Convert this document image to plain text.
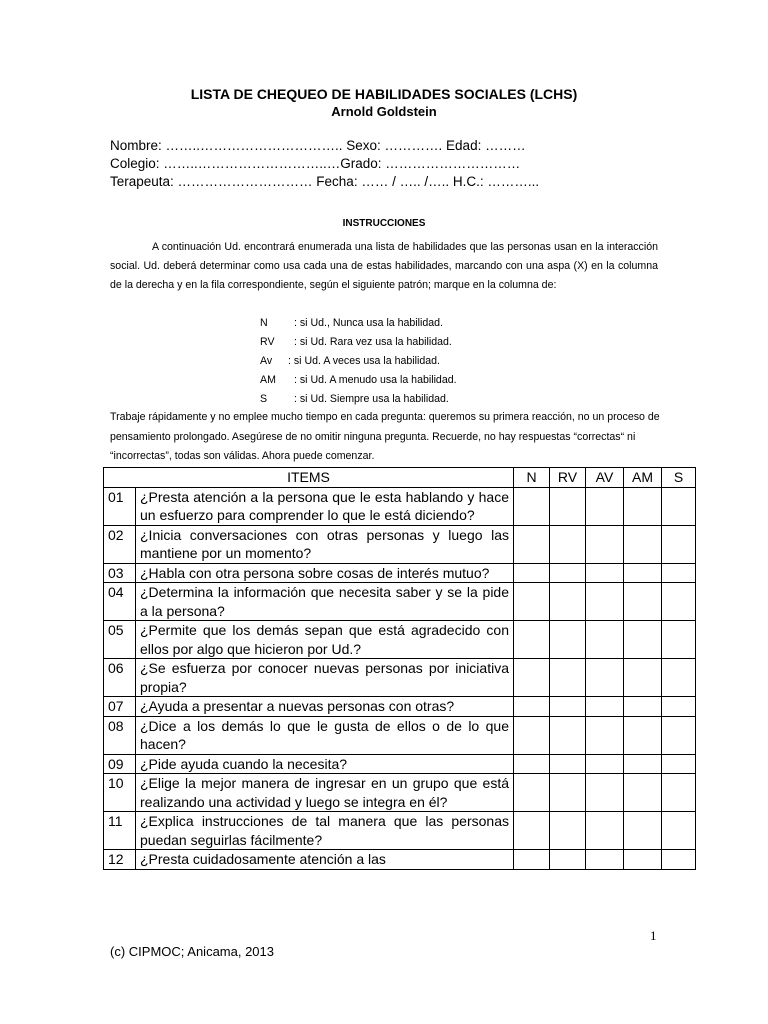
LISTA DE CHEQUEO DE HABILIDADES SOCIALES (LCHS)
Arnold Goldstein
Nombre: ……..………………………….. Sexo: …………. Edad: ………
Colegio: ……..………………………..…Grado: …………………………
Terapeuta: ………………………… Fecha: …… / ….. /….. H.C.: ………...
INSTRUCCIONES
A continuación Ud. encontrará enumerada una lista de habilidades que las personas usan en la interacción social. Ud. deberá determinar como usa cada una de estas habilidades, marcando con una aspa (X) en la columna de la derecha y en la fila correspondiente, según el siguiente patrón; marque en la columna de:
N : si Ud., Nunca usa la habilidad.
RV : si Ud. Rara vez usa la habilidad.
Av : si Ud. A veces usa la habilidad.
AM : si Ud. A menudo usa la habilidad.
S	: si Ud. Siempre usa la habilidad.
Trabaje rápidamente y no emplee mucho tiempo en cada pregunta: queremos su primera reacción, no un proceso de pensamiento prolongado. Asegúrese de no omitir ninguna pregunta. Recuerde, no hay respuestas “correctas“ ni “incorrectas”, todas son válidas. Ahora puede comenzar.
ITEMS		N	RV	AV	AM	S
01	¿Presta atención a la persona que le esta hablando y hace un esfuerzo para comprender lo que le está diciendo?					
02	¿Inicia conversaciones con otras personas y luego las mantiene por un momento?					
03	¿Habla con otra persona sobre cosas de interés mutuo?					
04	¿Determina la información que necesita saber y se la pide a la persona?					
05	¿Permite que los demás sepan que está agradecido con ellos por algo que hicieron por Ud.?					
06	¿Se esfuerza por conocer nuevas personas por iniciativa propia?					
07	¿Ayuda a presentar a nuevas personas con otras?					
08	¿Dice a los demás lo que le gusta de ellos o de lo que hacen?					
09	¿Pide ayuda cuando la necesita?					
10	¿Elige la mejor manera de ingresar en un grupo que está realizando una actividad y luego se integra en él?					
11	¿Explica instrucciones de tal manera que las personas puedan seguirlas fácilmente?					
12	¿Presta cuidadosamente atención a las					
1
(c) CIPMOC; Anicama, 2013
